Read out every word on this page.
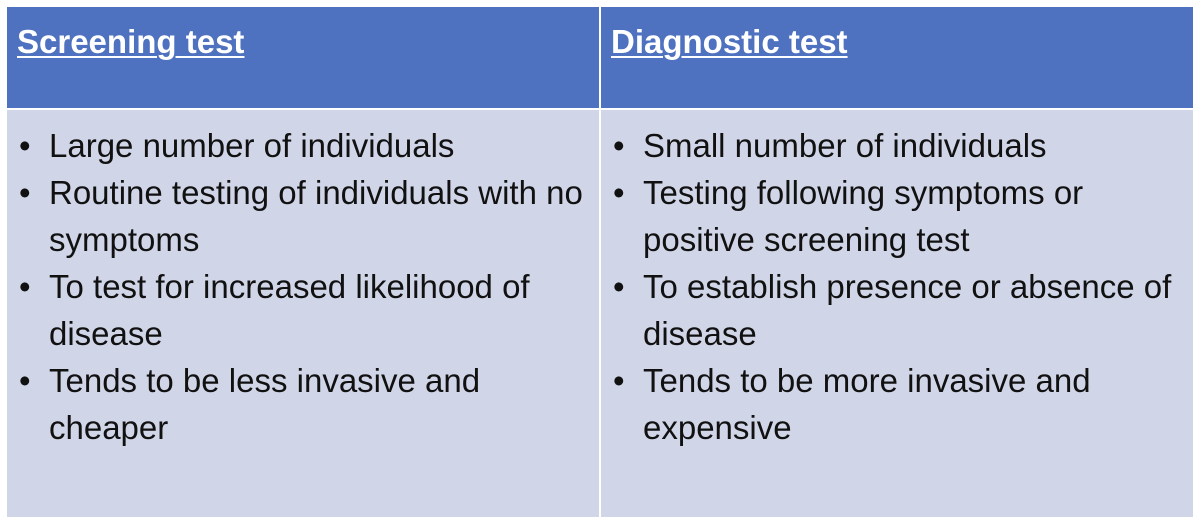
Screening test	Diagnostic test
• Large number of individuals
• Routine testing of individuals with no symptoms
• To test for increased likelihood of disease
• Tends to be less invasive and cheaper
• Small number of individuals
• Testing following symptoms or positive screening test
• To establish presence or absence of disease
• Tends to be more invasive and expensive
